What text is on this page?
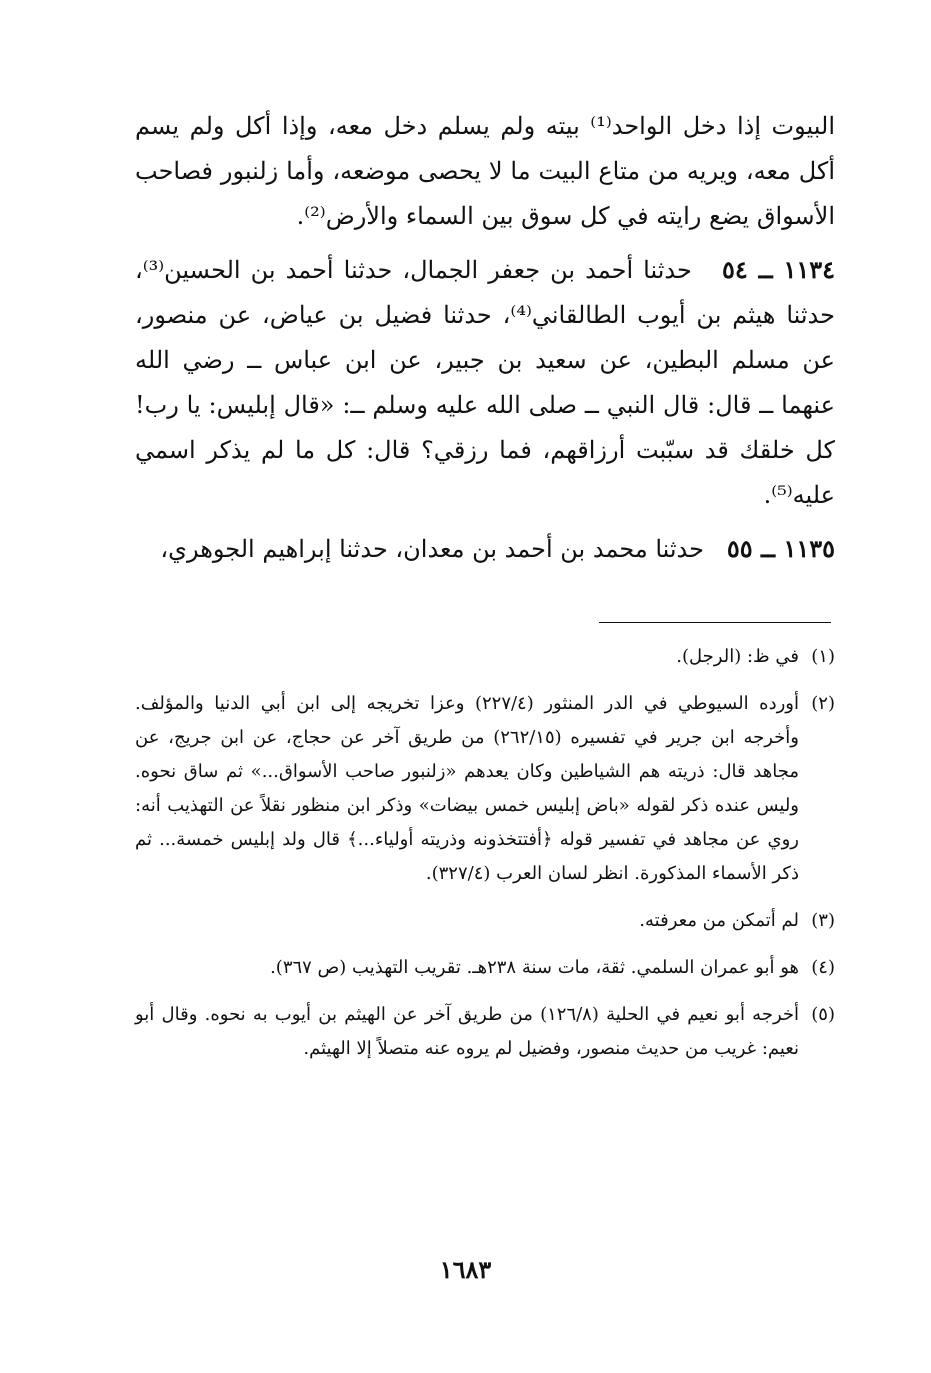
البيوت إذا دخل الواحد⁽¹⁾ بيته ولم يسلم دخل معه، وإذا أكل ولم يسم أكل معه، ويريه من متاع البيت ما لا يحصى موضعه، وأما زلنبور فصاحب الأسواق يضع رايته في كل سوق بين السماء والأرض⁽²⁾.

١١٣٤ ــ ٥٤   حدثنا أحمد بن جعفر الجمال، حدثنا أحمد بن الحسين⁽³⁾، حدثنا هيثم بن أيوب الطالقاني⁽⁴⁾، حدثنا فضيل بن عياض، عن منصور، عن مسلم البطين، عن سعيد بن جبير، عن ابن عباس ــ رضي الله عنهما ــ قال: قال النبي ــ صلى الله عليه وسلم ــ: «قال إبليس: يا رب! كل خلقك قد سبّبت أرزاقهم، فما رزقي؟ قال: كل ما لم يذكر اسمي عليه⁽⁵⁾.

١١٣٥ ــ ٥٥   حدثنا محمد بن أحمد بن معدان، حدثنا إبراهيم الجوهري،

(١)
في ظ: (الرجل).
(٢)
أورده السيوطي في الدر المنثور (٢٢٧/٤) وعزا تخريجه إلى ابن أبي الدنيا والمؤلف. وأخرجه ابن جرير في تفسيره (٢٦٢/١٥) من طريق آخر عن حجاج، عن ابن جريج، عن مجاهد قال: ذريته هم الشياطين وكان يعدهم «زلنبور صاحب الأسواق...» ثم ساق نحوه. وليس عنده ذكر لقوله «باض إبليس خمس بيضات» وذكر ابن منظور نقلاً عن التهذيب أنه: روي عن مجاهد في تفسير قوله ﴿أفتتخذونه وذريته أولياء...﴾ قال ولد إبليس خمسة... ثم ذكر الأسماء المذكورة. انظر لسان العرب (٣٢٧/٤).
(٣)
لم أتمكن من معرفته.
(٤)
هو أبو عمران السلمي. ثقة، مات سنة ٢٣٨هـ. تقريب التهذيب (ص ٣٦٧).
(٥)
أخرجه أبو نعيم في الحلية (١٢٦/٨) من طريق آخر عن الهيثم بن أيوب به نحوه. وقال أبو نعيم: غريب من حديث منصور، وفضيل لم يروه عنه متصلاً إلا الهيثم.
١٦٨٣
